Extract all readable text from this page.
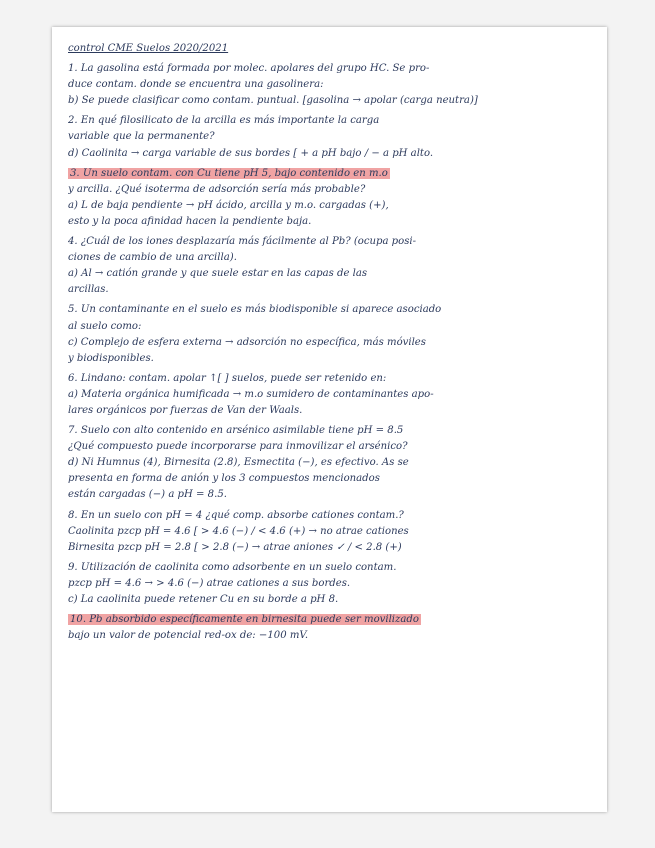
control CME Suelos 2020/2021
1. La gasolina está formada por molec. apolares del grupo HC. Se pro-
duce contam. donde se encuentra una gasolinera:
b) Se puede clasificar como contam. puntual. [gasolina → apolar (carga neutra)]
2. En qué filosilicato de la arcilla es más importante la carga
variable que la permanente?
d) Caolinita → carga variable de sus bordes [ + a pH bajo / − a pH alto.
3. Un suelo contam. con Cu tiene pH 5, bajo contenido en m.o
y arcilla. ¿Qué isoterma de adsorción sería más probable?
a) L de baja pendiente → pH ácido, arcilla y m.o. cargadas (+),
esto y la poca afinidad hacen la pendiente baja.
4. ¿Cuál de los iones desplazaría más fácilmente al Pb? (ocupa posi-
ciones de cambio de una arcilla).
a) Al → catión grande y que suele estar en las capas de las
arcillas.
5. Un contaminante en el suelo es más biodisponible si aparece asociado
al suelo como:
c) Complejo de esfera externa → adsorción no específica, más móviles
y biodisponibles.
6. Lindano: contam. apolar ↑[ ] suelos, puede ser retenido en:
a) Materia orgánica humificada → m.o sumidero de contaminantes apo-
lares orgánicos por fuerzas de Van der Waals.
7. Suelo con alto contenido en arsénico asimilable tiene pH = 8.5
¿Qué compuesto puede incorporarse para inmovilizar el arsénico?
d) Ni Humnus (4), Birnesita (2.8), Esmectita (−), es efectivo. As se
presenta en forma de anión y los 3 compuestos mencionados
están cargadas (−) a pH = 8.5.
8. En un suelo con pH = 4 ¿qué comp. absorbe cationes contam.?
Caolinita pzcp pH = 4.6 [ > 4.6 (−) / < 4.6 (+) → no atrae cationes
Birnesita pzcp pH = 2.8 [ > 2.8 (−) → atrae aniones ✓ / < 2.8 (+)
9. Utilización de caolinita como adsorbente en un suelo contam.
pzcp pH = 4.6 → > 4.6 (−) atrae cationes a sus bordes.
c) La caolinita puede retener Cu en su borde a pH 8.
10. Pb absorbido específicamente en birnesita puede ser movilizado
bajo un valor de potencial red-ox de: −100 mV.
